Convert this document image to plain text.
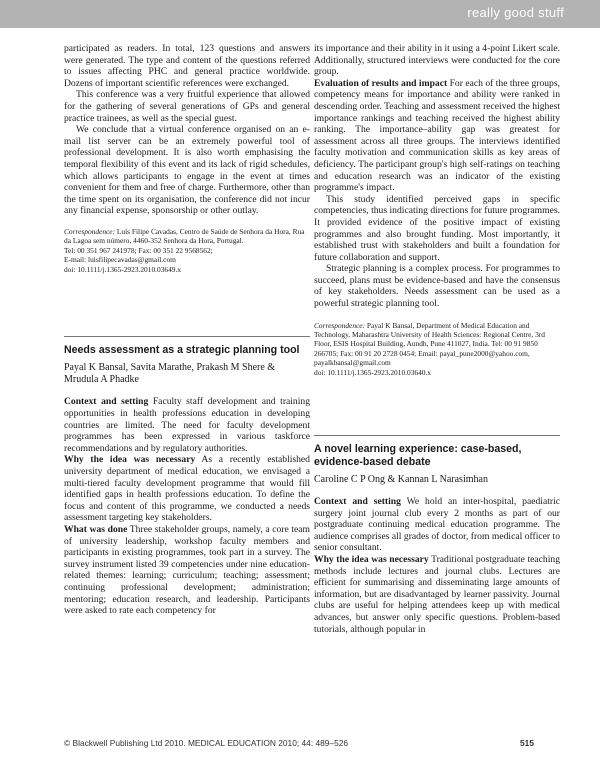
really good stuff

participated as readers. In total, 123 questions and answers were generated. The type and content of the questions referred to issues affecting PHC and general practice worldwide. Dozens of important scientific references were exchanged.

This conference was a very fruitful experience that allowed for the gathering of several generations of GPs and general practice trainees, as well as the special guest.

We conclude that a virtual conference organised on an e-mail list server can be an extremely powerful tool of professional development. It is also worth emphasising the temporal flexibility of this event and its lack of rigid schedules, which allows participants to engage in the event at times convenient for them and free of charge. Furthermore, other than the time spent on its organisation, the conference did not incur any financial expense, sponsorship or other outlay.

Correspondence: Luís Filipe Cavadas, Centro de Saúde de Senhora da Hora, Rua da Lagoa sem número, 4460-352 Senhora da Hora, Portugal.
Tel: 00 351 967 241978; Fax: 00 351 22 9568562;
E-mail: luisfilipecavadas@gmail.com
doi: 10.1111/j.1365-2923.2010.03649.x
Needs assessment as a strategic planning tool
Payal K Bansal, Savita Marathe, Prakash M Shere & Mrudula A Phadke

Context and setting Faculty staff development and training opportunities in health professions education in developing countries are limited. The need for faculty development programmes has been expressed in various taskforce recommendations and by regulatory authorities.

Why the idea was necessary As a recently established university department of medical education, we envisaged a multi-tiered faculty development programme that would fill identified gaps in health professions education. To define the focus and content of this programme, we conducted a needs assessment targeting key stakeholders.

What was done Three stakeholder groups, namely, a core team of university leadership, workshop faculty members and participants in existing programmes, took part in a survey. The survey instrument listed 39 competencies under nine education-related themes: learning; curriculum; teaching; assessment; continuing professional development; administration; mentoring; education research, and leadership. Participants were asked to rate each competency for

its importance and their ability in it using a 4-point Likert scale. Additionally, structured interviews were conducted for the core group.

Evaluation of results and impact For each of the three groups, competency means for importance and ability were ranked in descending order. Teaching and assessment received the highest importance rankings and teaching received the highest ability ranking. The importance–ability gap was greatest for assessment across all three groups. The interviews identified faculty motivation and communication skills as key areas of deficiency. The participant group's high self-ratings on teaching and education research was an indicator of the existing programme's impact.

This study identified perceived gaps in specific competencies, thus indicating directions for future programmes. It provided evidence of the positive impact of existing programmes and also brought funding. Most importantly, it established trust with stakeholders and built a foundation for future collaboration and support.

Strategic planning is a complex process. For programmes to succeed, plans must be evidence-based and have the consensus of key stakeholders. Needs assessment can be used as a powerful strategic planning tool.

Correspondence: Payal K Bansal, Department of Medical Education and Technology, Maharashtra University of Health Sciences: Regional Centre, 3rd Floor, ESIS Hospital Building, Aundh, Pune 411027, India. Tel: 00 91 9850 266705; Fax: 00 91 20 2728 0454; Email: payal_pune2000@yahoo.com, payalkbansal@gmail.com
doi: 10.1111/j.1365-2923.2010.03640.x
A novel learning experience: case-based, evidence-based debate
Caroline C P Ong & Kannan L Narasimhan

Context and setting We hold an inter-hospital, paediatric surgery joint journal club every 2 months as part of our postgraduate continuing medical education programme. The audience comprises all grades of doctor, from medical officer to senior consultant.

Why the idea was necessary Traditional postgraduate teaching methods include lectures and journal clubs. Lectures are efficient for summarising and disseminating large amounts of information, but are disadvantaged by learner passivity. Journal clubs are useful for helping attendees keep up with medical advances, but answer only specific questions. Problem-based tutorials, although popular in

© Blackwell Publishing Ltd 2010. MEDICAL EDUCATION 2010; 44: 489–526	515
